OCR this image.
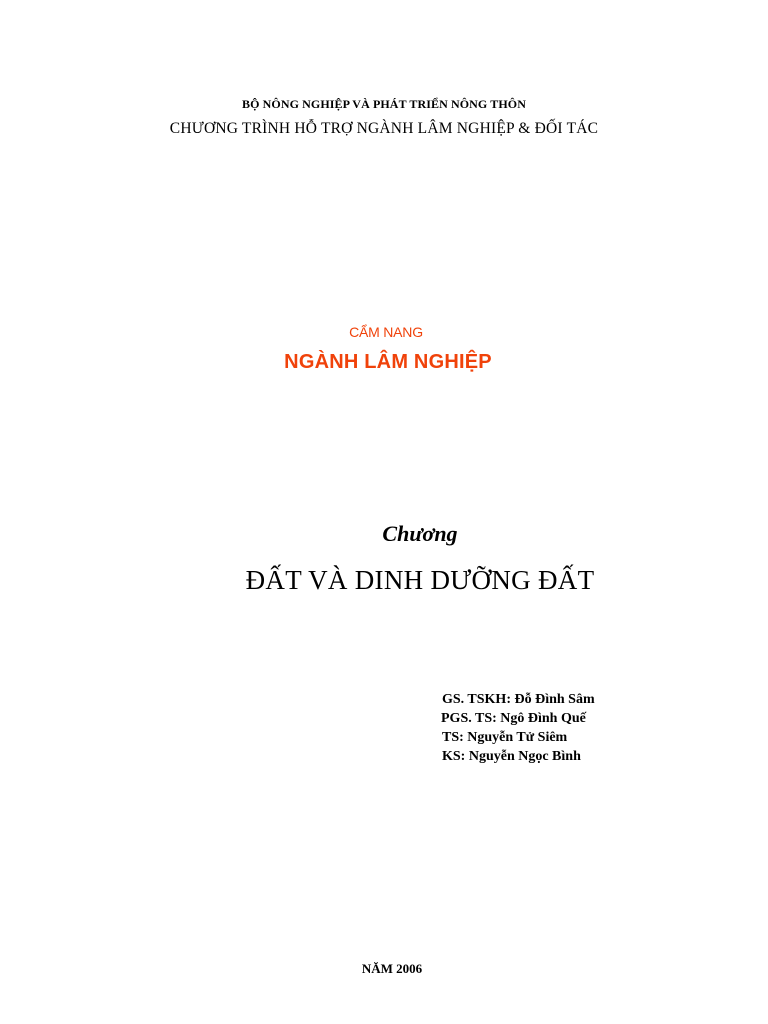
BỘ NÔNG NGHIỆP VÀ PHÁT TRIỂN NÔNG THÔN

CHƯƠNG TRÌNH HỖ TRỢ NGÀNH LÂM NGHIỆP & ĐỐI TÁC

CẨM NANG

NGÀNH LÂM NGHIỆP

Chương

ĐẤT VÀ DINH DƯỠNG ĐẤT

GS. TSKH: Đỗ Đình Sâm
PGS. TS: Ngô Đình Quế
TS: Nguyễn Tử Siêm
KS: Nguyễn Ngọc Bình

NĂM 2006
